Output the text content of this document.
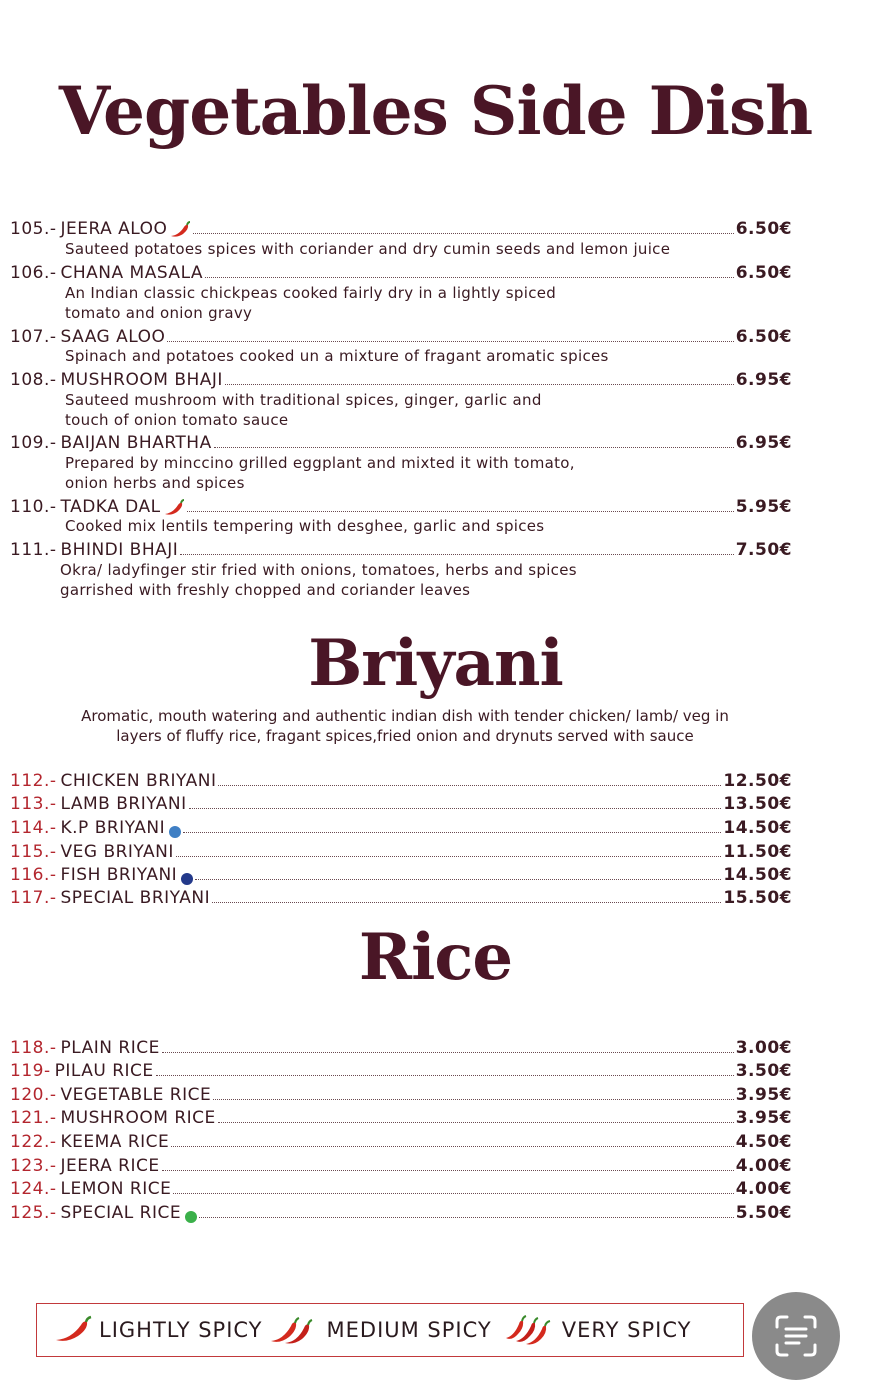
Vegetables Side Dish
105.- JEERA ALOO	6.50€
Sauteed potatoes spices with coriander and dry cumin seeds and lemon juice
106.- CHANA MASALA	6.50€
An Indian classic chickpeas cooked fairly dry in a lightly spiced
tomato and onion gravy
107.- SAAG ALOO	6.50€
Spinach and potatoes cooked un a mixture of fragant aromatic spices
108.- MUSHROOM BHAJI	6.95€
Sauteed mushroom with traditional spices, ginger, garlic and
touch of onion tomato sauce
109.- BAIJAN BHARTHA	6.95€
Prepared by minccino grilled eggplant and mixted it with tomato,
onion herbs and spices
110.- TADKA DAL	5.95€
Cooked mix lentils tempering with desghee, garlic and spices
111.- BHINDI BHAJI	7.50€
Okra/ ladyfinger stir fried with onions, tomatoes, herbs and spices
garrished with freshly chopped and coriander leaves
Briyani
Aromatic, mouth watering and authentic indian dish with tender chicken/ lamb/ veg in
layers of fluffy rice, fragant spices,fried onion and drynuts served with sauce
112.- CHICKEN BRIYANI	12.50€
113.- LAMB BRIYANI	13.50€
114.- K.P BRIYANI	14.50€
115.- VEG BRIYANI	11.50€
116.- FISH BRIYANI	14.50€
117.- SPECIAL BRIYANI	15.50€
Rice
118.- PLAIN RICE	3.00€
119- PILAU RICE	3.50€
120.- VEGETABLE RICE	3.95€
121.- MUSHROOM RICE	3.95€
122.- KEEMA RICE	4.50€
123.- JEERA RICE	4.00€
124.- LEMON RICE	4.00€
125.- SPECIAL RICE	5.50€
LIGHTLY SPICY	MEDIUM SPICY	VERY SPICY
